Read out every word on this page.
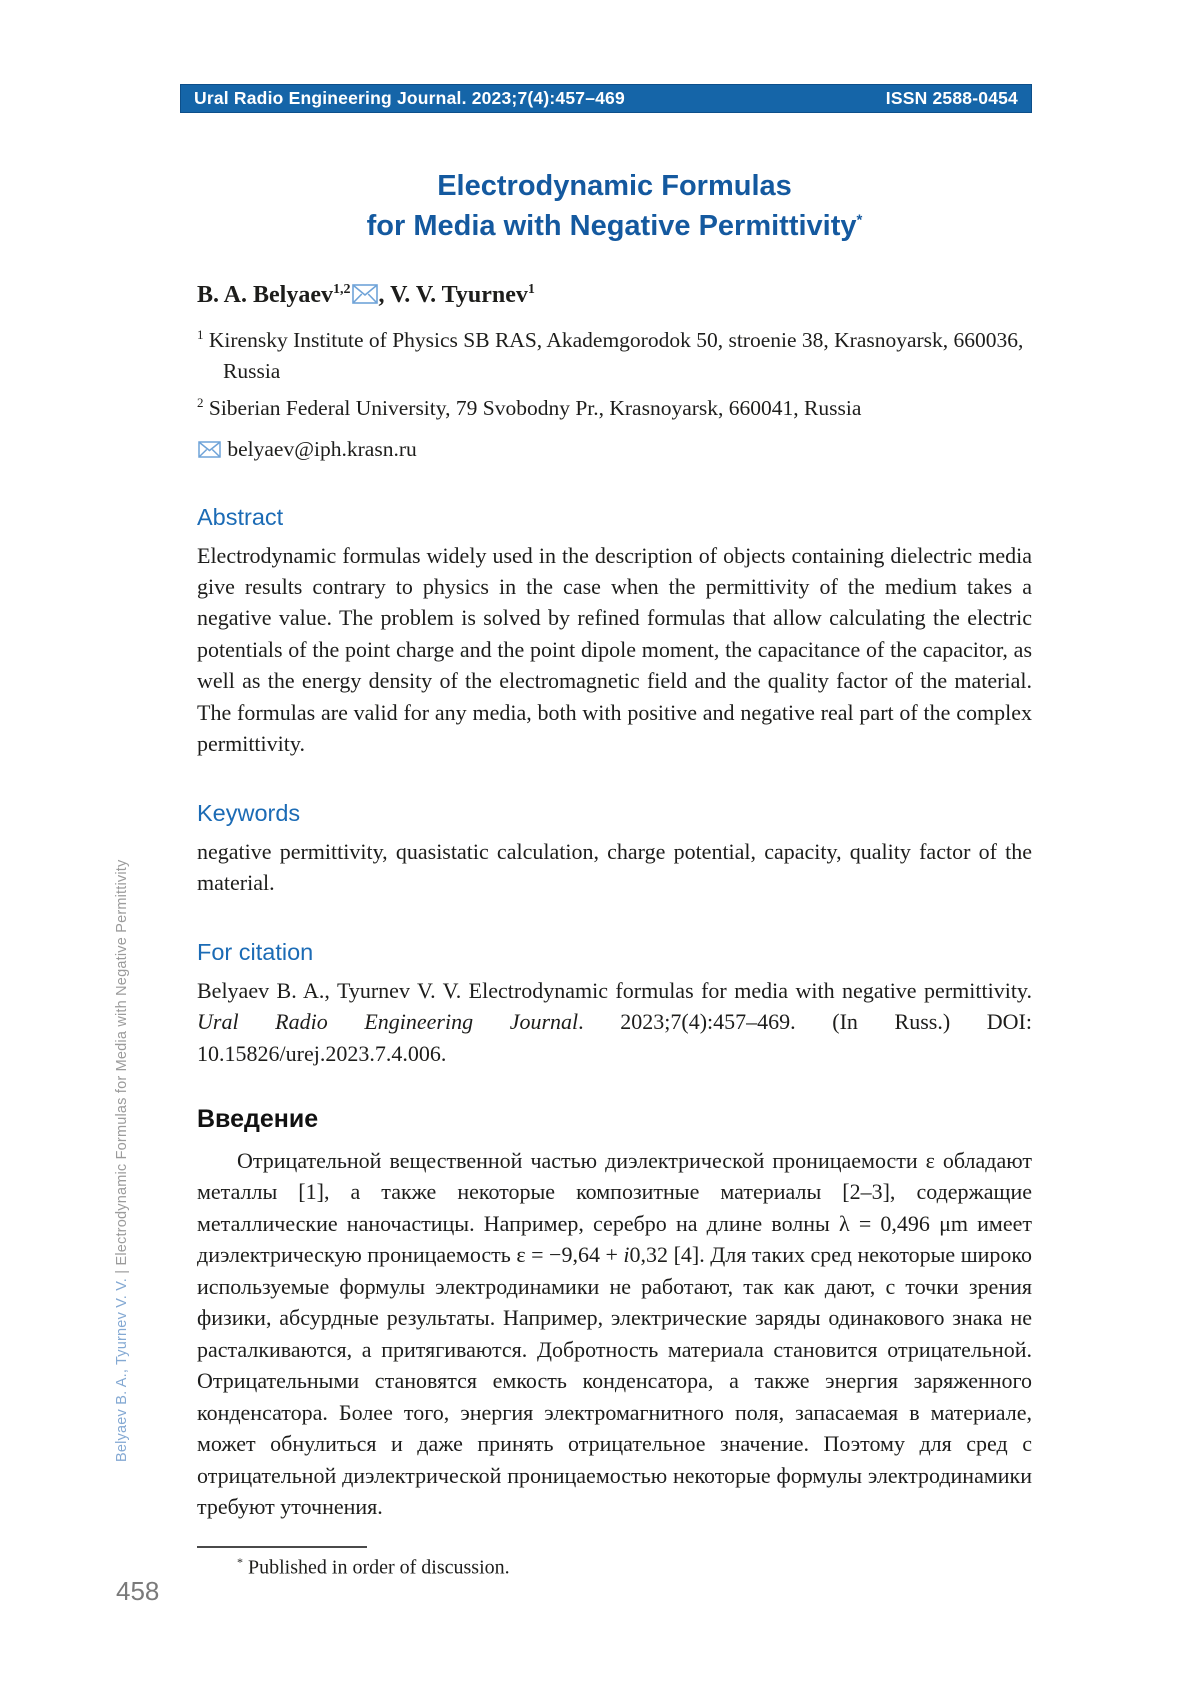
Belyaev B. A., Tyurnev V. V. | Electrodynamic Formulas for Media with Negative Permittivity
458
Ural Radio Engineering Journal. 2023;7(4):457–469	ISSN 2588-0454
Electrodynamic Formulas
for Media with Negative Permittivity*

B. A. Belyaev$^{1,2}$ , V. V. Tyurnev$^1$

$^1$ Kirensky Institute of Physics SB RAS, Akademgorodok 50, stroenie 38, Krasnoyarsk, 660036, Russia

$^2$ Siberian Federal University, 79 Svobodny Pr., Krasnoyarsk, 660041, Russia

belyaev@iph.krasn.ru

Abstract

Electrodynamic formulas widely used in the description of objects containing dielectric media give results contrary to physics in the case when the permittivity of the medium takes a negative value. The problem is solved by refined formulas that allow calculating the electric potentials of the point charge and the point dipole moment, the capacitance of the capacitor, as well as the energy density of the electromagnetic field and the quality factor of the material. The formulas are valid for any media, both with positive and negative real part of the complex permittivity.

Keywords

negative permittivity, quasistatic calculation, charge potential, capacity, quality factor of the material.

For citation

Belyaev B. A., Tyurnev V. V. Electrodynamic formulas for media with negative permittivity. Ural Radio Engineering Journal. 2023;7(4):457–469. (In Russ.) DOI: 10.15826/urej.2023.7.4.006.

Введение

Отрицательной вещественной частью диэлектрической проницаемости ε обладают металлы [1], а также некоторые композитные материалы [2–3], содержащие металлические наночастицы. Например, серебро на длине волны λ = 0,496 μm имеет диэлектрическую проницаемость ε = −9,64 + i0,32 [4]. Для таких сред некоторые широко используемые формулы электродинамики не работают, так как дают, с точки зрения физики, абсурдные результаты. Например, электрические заряды одинакового знака не расталкиваются, а притягиваются. Добротность материала становится отрицательной. Отрицательными становятся емкость конденсатора, а также энергия заряженного конденсатора. Более того, энергия электромагнитного поля, запасаемая в материале, может обнулиться и даже принять отрицательное значение. Поэтому для сред с отрицательной диэлектрической проницаемостью некоторые формулы электродинамики требуют уточнения.

* Published in order of discussion.
